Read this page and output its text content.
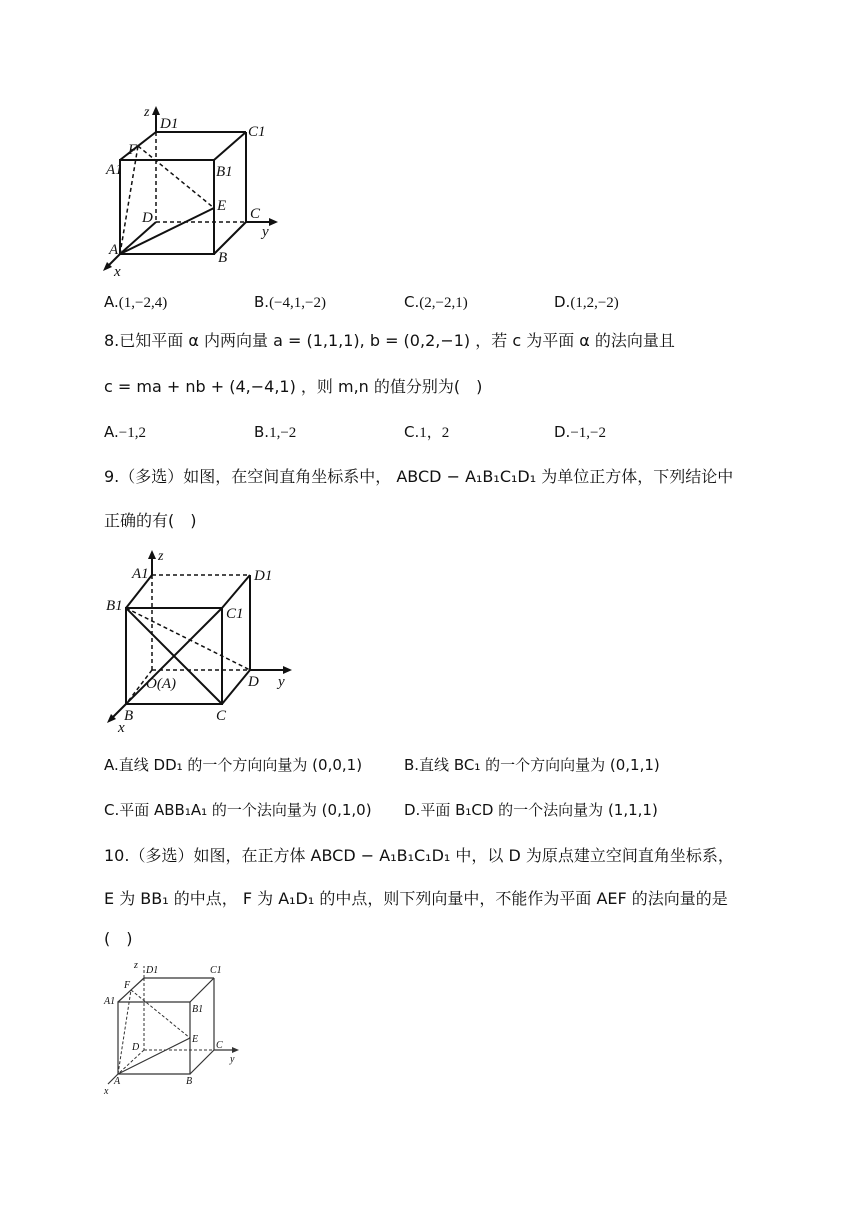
z
y
x
A	B
C
D
A1	B1
C1
D1
E
F
A.(1,−2,4)	B.(−4,1,−2)	C.(2,−2,1)	D.(1,2,−2)
8.已知平面 α 内两向量 a = (1,1,1), b = (0,2,−1) ，若 c 为平面 α 的法向量且
c = ma + nb + (4,−4,1) ，则 m,n 的值分别为(　)
A.−1,2	B.1,−2	C.1，2	D.−1,−2
9.（多选）如图，在空间直角坐标系中， ABCD − A₁B₁C₁D₁ 为单位正方体，下列结论中
正确的有(　)
z
y
x
A1	D1
B1	C1
O(A)
B	C
D
A.直线 DD₁ 的一个方向向量为 (0,0,1)	B.直线 BC₁ 的一个方向向量为 (0,1,1)
C.平面 ABB₁A₁ 的一个法向量为 (0,1,0) D.平面 B₁CD 的一个法向量为 (1,1,1)
10.（多选）如图，在正方体 ABCD − A₁B₁C₁D₁ 中，以 D 为原点建立空间直角坐标系，
E 为 BB₁ 的中点， F 为 A₁D₁ 的中点，则下列向量中，不能作为平面 AEF 的法向量的是
(　)
z
y
x
A	B
C
D
A1
B1
C1
D1
E
F
